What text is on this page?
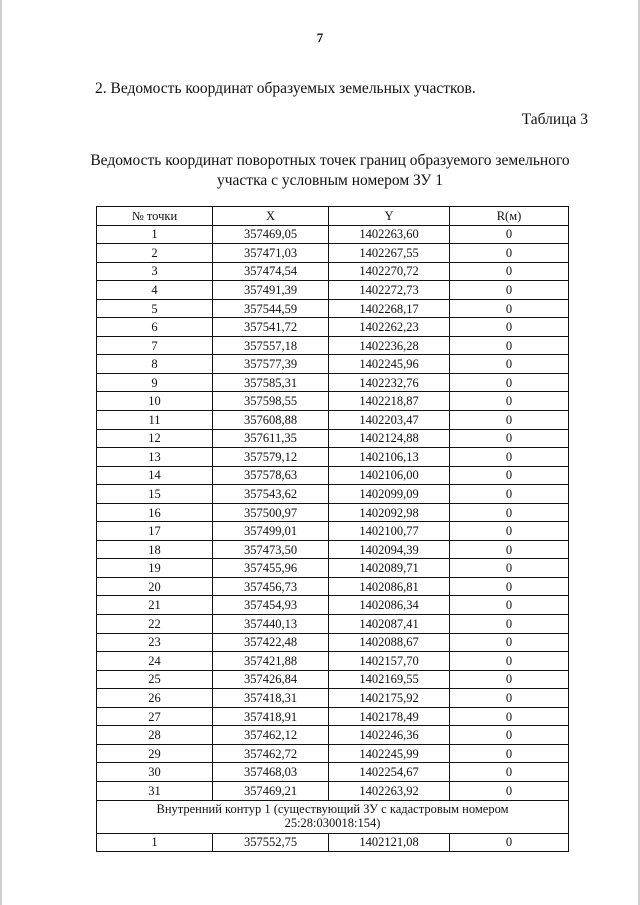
7
2. Ведомость координат образуемых земельных участков.
Таблица 3
Ведомость координат поворотных точек границ образуемого земельного
участка с условным номером ЗУ 1
№ точки	X	Y	R(м)
1	357469,05	1402263,60	0
2	357471,03	1402267,55	0
3	357474,54	1402270,72	0
4	357491,39	1402272,73	0
5	357544,59	1402268,17	0
6	357541,72	1402262,23	0
7	357557,18	1402236,28	0
8	357577,39	1402245,96	0
9	357585,31	1402232,76	0
10	357598,55	1402218,87	0
11	357608,88	1402203,47	0
12	357611,35	1402124,88	0
13	357579,12	1402106,13	0
14	357578,63	1402106,00	0
15	357543,62	1402099,09	0
16	357500,97	1402092,98	0
17	357499,01	1402100,77	0
18	357473,50	1402094,39	0
19	357455,96	1402089,71	0
20	357456,73	1402086,81	0
21	357454,93	1402086,34	0
22	357440,13	1402087,41	0
23	357422,48	1402088,67	0
24	357421,88	1402157,70	0
25	357426,84	1402169,55	0
26	357418,31	1402175,92	0
27	357418,91	1402178,49	0
28	357462,12	1402246,36	0
29	357462,72	1402245,99	0
30	357468,03	1402254,67	0
31	357469,21	1402263,92	0
Внутренний контур 1 (существующий ЗУ с кадастровым номером
25:28:030018:154)			
1	357552,75	1402121,08	0
